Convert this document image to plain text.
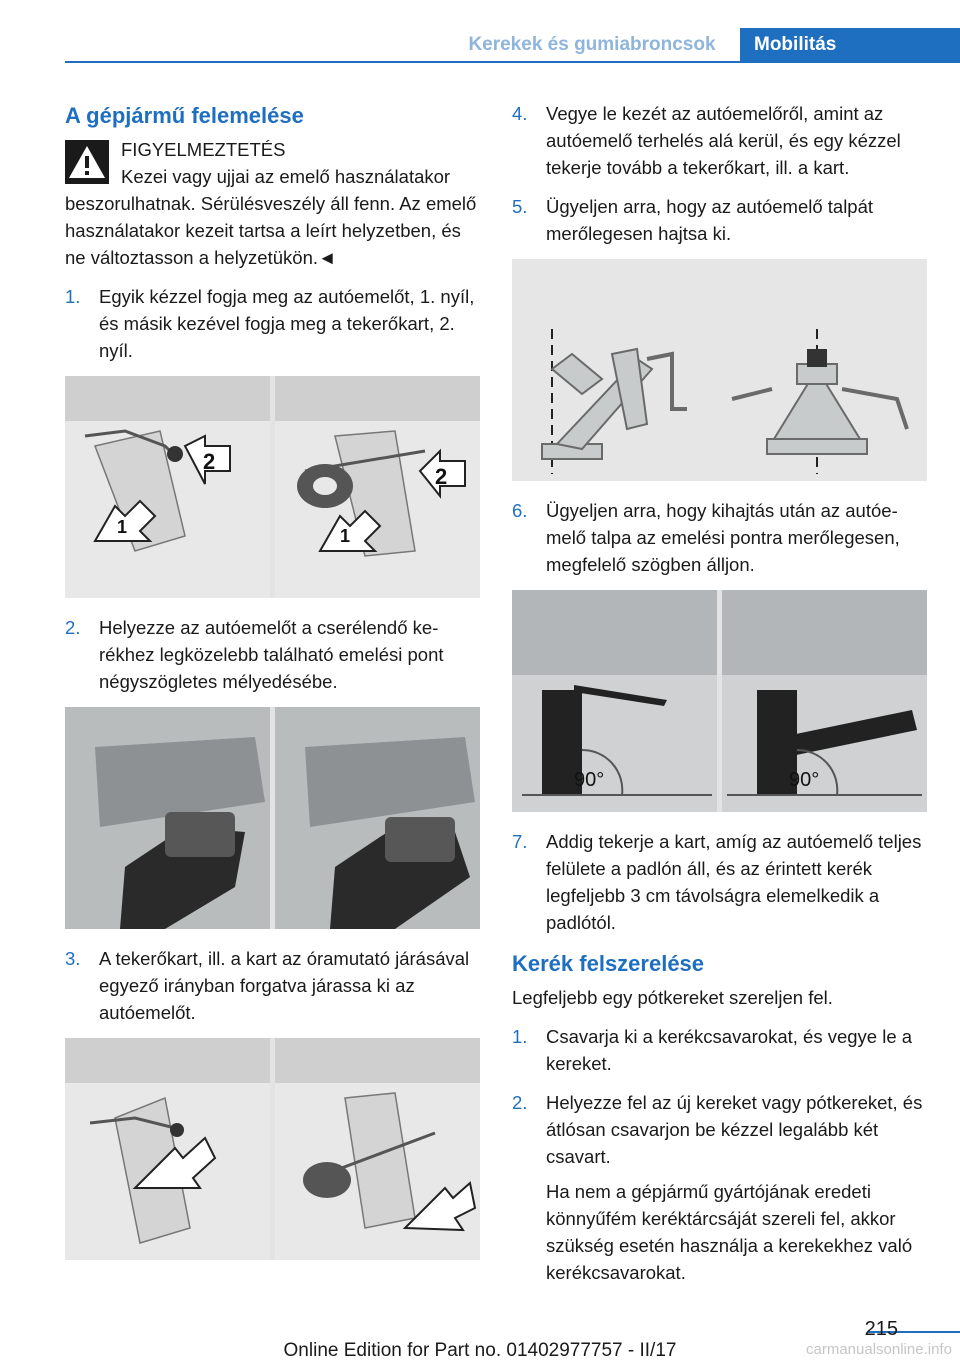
Kerekek és gumiabroncsok	Mobilitás
A gépjármű felemelése
FIGYELMEZTETÉS

Kezei vagy ujjai az emelő használatakor beszorulhatnak. Sérülésveszély áll fenn. Az emelő használatakor kezeit tartsa a leírt helyzetben, és ne változtasson a helyzetükön.◄

1. Egyik kézzel fogja meg az autóemelőt, 1. nyíl, és másik kezével fogja meg a tekerőkart, 2. nyíl.
2
1
2
1
2. Helyezze az autóemelőt a cserélendő kerékhez legközelebb található emelési pont négyszögletes mélyedésébe.
3. A tekerőkart, ill. a kart az óramutató járásával egyező irányban forgatva járassa ki az autóemelőt.
4. Vegye le kezét az autóemelőről, amint az autóemelő terhelés alá kerül, és egy kézzel tekerje tovább a tekerőkart, ill. a kart.
5. Ügyeljen arra, hogy az autóemelő talpát merőlegesen hajtsa ki.
6. Ügyeljen arra, hogy kihajtás után az autóemelő talpa az emelési pontra merőlegesen, megfelelő szögben álljon.
90°	90°
7. Addig tekerje a kart, amíg az autóemelő teljes felülete a padlón áll, és az érintett kerék legfeljebb 3 cm távolságra elemelkedik a padlótól.
Kerék felszerelése

Legfeljebb egy pótkereket szereljen fel.

1. Csavarja ki a kerékcsavarokat, és vegye le a kereket.
2. Helyezze fel az új kereket vagy pótkereket, és átlósan csavarjon be kézzel legalább két csavart.
Ha nem a gépjármű gyártójának eredeti könnyűfém keréktárcsáját szereli fel, akkor szükség esetén használja a kerekekhez való kerékcsavarokat.
215
Online Edition for Part no. 01402977757 - II/17	carmanualsonline.info
